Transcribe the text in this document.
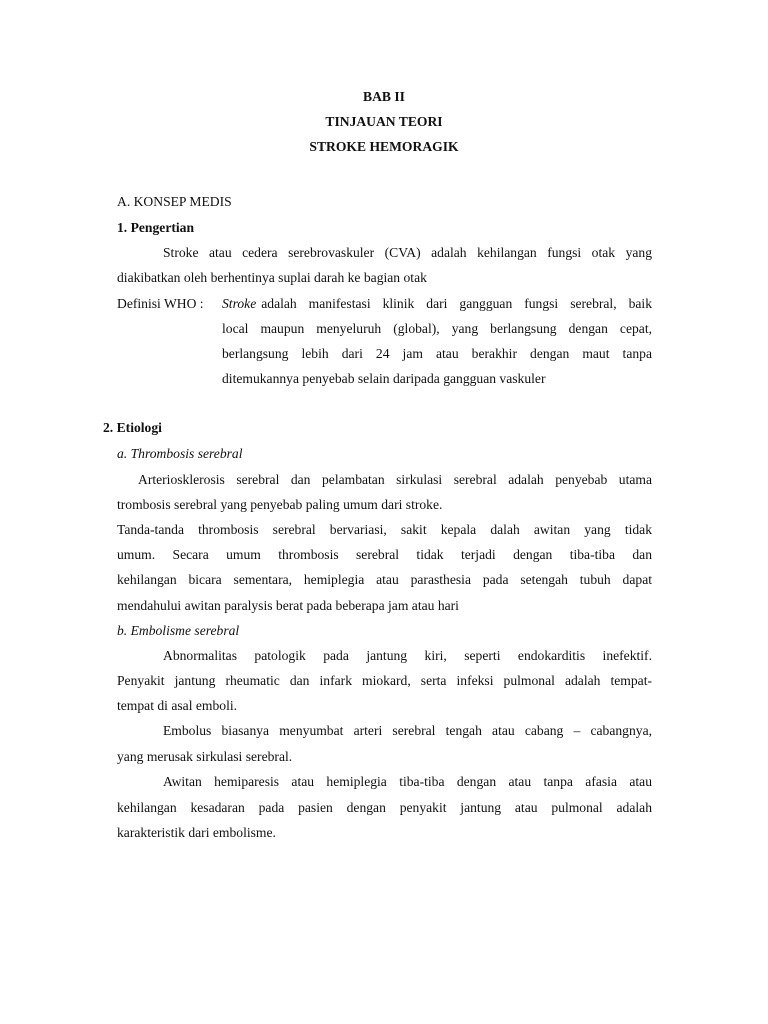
BAB II
TINJAUAN TEORI
STROKE HEMORAGIK
A. KONSEP MEDIS
1. Pengertian
Stroke atau cedera serebrovaskuler (CVA) adalah kehilangan fungsi otak yang
diakibatkan oleh berhentinya suplai darah ke bagian otak
Definisi WHO : Stroke adalah manifestasi klinik dari gangguan fungsi serebral, baik
local maupun menyeluruh (global), yang berlangsung dengan cepat,
berlangsung lebih dari 24 jam atau berakhir dengan maut tanpa
ditemukannya penyebab selain daripada gangguan vaskuler
2. Etiologi
a. Thrombosis serebral
Arteriosklerosis serebral dan pelambatan sirkulasi serebral adalah penyebab utama
trombosis serebral yang penyebab paling umum dari stroke.
Tanda-tanda thrombosis serebral bervariasi, sakit kepala dalah awitan yang tidak
umum. Secara umum thrombosis serebral tidak terjadi dengan tiba-tiba dan
kehilangan bicara sementara, hemiplegia atau parasthesia pada setengah tubuh dapat
mendahului awitan paralysis berat pada beberapa jam atau hari
b. Embolisme serebral
Abnormalitas patologik pada jantung kiri, seperti endokarditis inefektif.
Penyakit jantung rheumatic dan infark miokard, serta infeksi pulmonal adalah tempat-
tempat di asal emboli.
Embolus biasanya menyumbat arteri serebral tengah atau cabang – cabangnya,
yang merusak sirkulasi serebral.
Awitan hemiparesis atau hemiplegia tiba-tiba dengan atau tanpa afasia atau
kehilangan kesadaran pada pasien dengan penyakit jantung atau pulmonal adalah
karakteristik dari embolisme.
